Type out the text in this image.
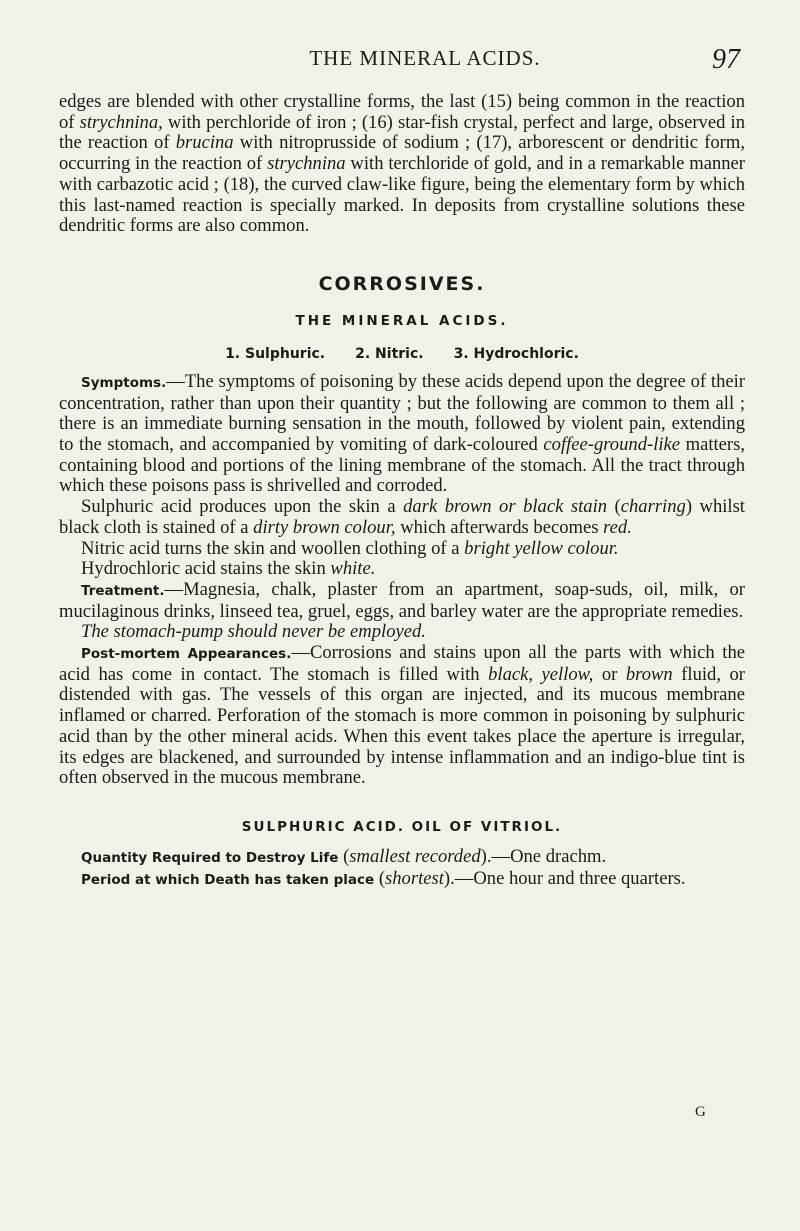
THE MINERAL ACIDS.	97

edges are blended with other crystalline forms, the last (15) being common in the reaction of strychnina, with perchloride of iron ; (16) star-fish crystal, perfect and large, observed in the reaction of brucina with nitroprusside of sodium ; (17), arborescent or dendritic form, occurring in the reaction of strychnina with terchloride of gold, and in a remarkable manner with carbazotic acid ; (18), the curved claw-like figure, being the elementary form by which this last-named reaction is specially marked. In deposits from crystalline solutions these dendritic forms are also common.

CORROSIVES.
THE MINERAL ACIDS.
1. Sulphuric. 2. Nitric. 3. Hydrochloric.

Symptoms.—The symptoms of poisoning by these acids depend upon the degree of their concentration, rather than upon their quantity ; but the following are common to them all ; there is an immediate burning sensation in the mouth, followed by violent pain, extending to the stomach, and accompanied by vomiting of dark-coloured coffee-ground-like matters, containing blood and portions of the lining membrane of the stomach. All the tract through which these poisons pass is shrivelled and corroded.

Sulphuric acid produces upon the skin a dark brown or black stain (charring) whilst black cloth is stained of a dirty brown colour, which afterwards becomes red.

Nitric acid turns the skin and woollen clothing of a bright yellow colour.

Hydrochloric acid stains the skin white.

Treatment.—Magnesia, chalk, plaster from an apartment, soap-suds, oil, milk, or mucilaginous drinks, linseed tea, gruel, eggs, and barley water are the appropriate remedies.

The stomach-pump should never be employed.

Post-mortem Appearances.—Corrosions and stains upon all the parts with which the acid has come in contact. The stomach is filled with black, yellow, or brown fluid, or distended with gas. The vessels of this organ are injected, and its mucous membrane inflamed or charred. Perforation of the stomach is more common in poisoning by sulphuric acid than by the other mineral acids. When this event takes place the aperture is irregular, its edges are blackened, and surrounded by intense inflammation and an indigo-blue tint is often observed in the mucous membrane.

SULPHURIC ACID. OIL OF VITRIOL.

Quantity Required to Destroy Life (smallest recorded).—One drachm.

Period at which Death has taken place (shortest).—One hour and three quarters.

G
